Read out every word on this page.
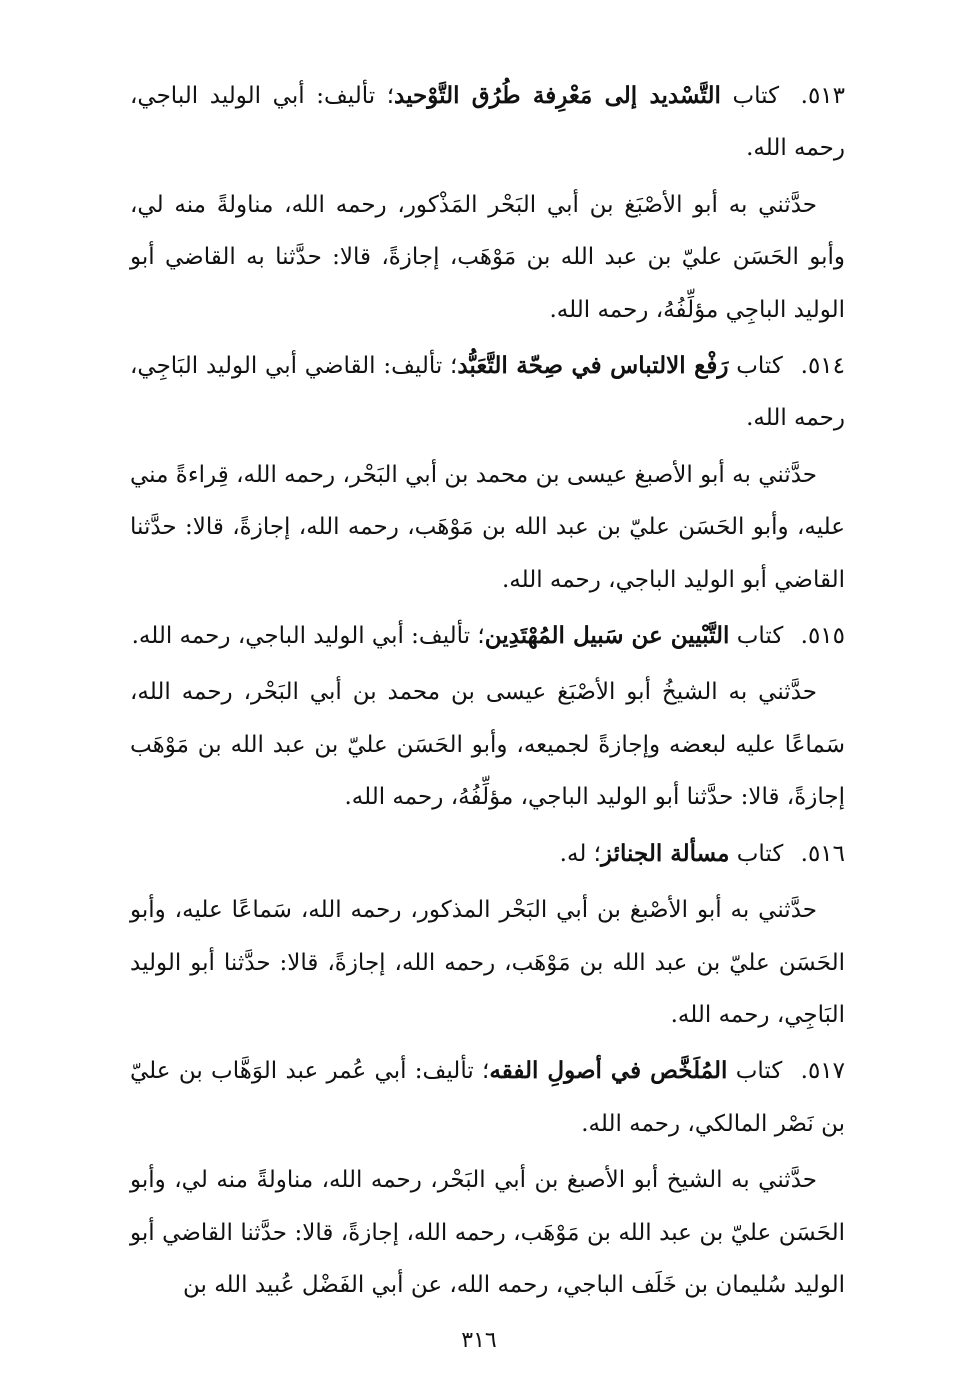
٥١٣. كتاب التَّسْديد إلى مَعْرِفة طُرُق التَّوْحيد؛ تأليف: أبي الوليد الباجي، رحمه الله.

حدَّثني به أبو الأصْبَغ بن أبي البَحْر المَذْكور، رحمه الله، مناولةً منه لي، وأبو الحَسَن عليّ بن عبد الله بن مَوْهَب، إجازةً، قالا: حدَّثنا به القاضي أبو الوليد الباجِي مؤلِّفُهُ، رحمه الله.

٥١٤. كتاب رَفْع الالتباس في صِحّة التَّعَبُّد؛ تأليف: القاضي أبي الوليد البَاجِي، رحمه الله.

حدَّثني به أبو الأصبغ عيسى بن محمد بن أبي البَحْر، رحمه الله، قِراءةً مني عليه، وأبو الحَسَن عليّ بن عبد الله بن مَوْهَب، رحمه الله، إجازةً، قالا: حدَّثنا القاضي أبو الوليد الباجي، رحمه الله.

٥١٥. كتاب التَّبْيين عن سَبيل المُهْتَدِين؛ تأليف: أبي الوليد الباجي، رحمه الله.

حدَّثني به الشيخُ أبو الأصْبَغ عيسى بن محمد بن أبي البَحْر، رحمه الله، سَماعًا عليه لبعضه وإجازةً لجميعه، وأبو الحَسَن عليّ بن عبد الله بن مَوْهَب إجازةً، قالا: حدَّثنا أبو الوليد الباجي، مؤلِّفُهُ، رحمه الله.

٥١٦. كتاب مسألة الجنائز؛ له.

حدَّثني به أبو الأصْبغ بن أبي البَحْر المذكور، رحمه الله، سَماعًا عليه، وأبو الحَسَن عليّ بن عبد الله بن مَوْهَب، رحمه الله، إجازةً، قالا: حدَّثنا أبو الوليد البَاجِي، رحمه الله.

٥١٧. كتاب المُلَخَّص في أصولِ الفقه؛ تأليف: أبي عُمر عبد الوَهَّاب بن عليّ بن نَصْر المالكي، رحمه الله.

حدَّثني به الشيخ أبو الأصبغ بن أبي البَحْر، رحمه الله، مناولةً منه لي، وأبو الحَسَن عليّ بن عبد الله بن مَوْهَب، رحمه الله، إجازةً، قالا: حدَّثنا القاضي أبو الوليد سُليمان بن خَلَف الباجي، رحمه الله، عن أبي الفَضْل عُبيد الله بن

٣١٦
